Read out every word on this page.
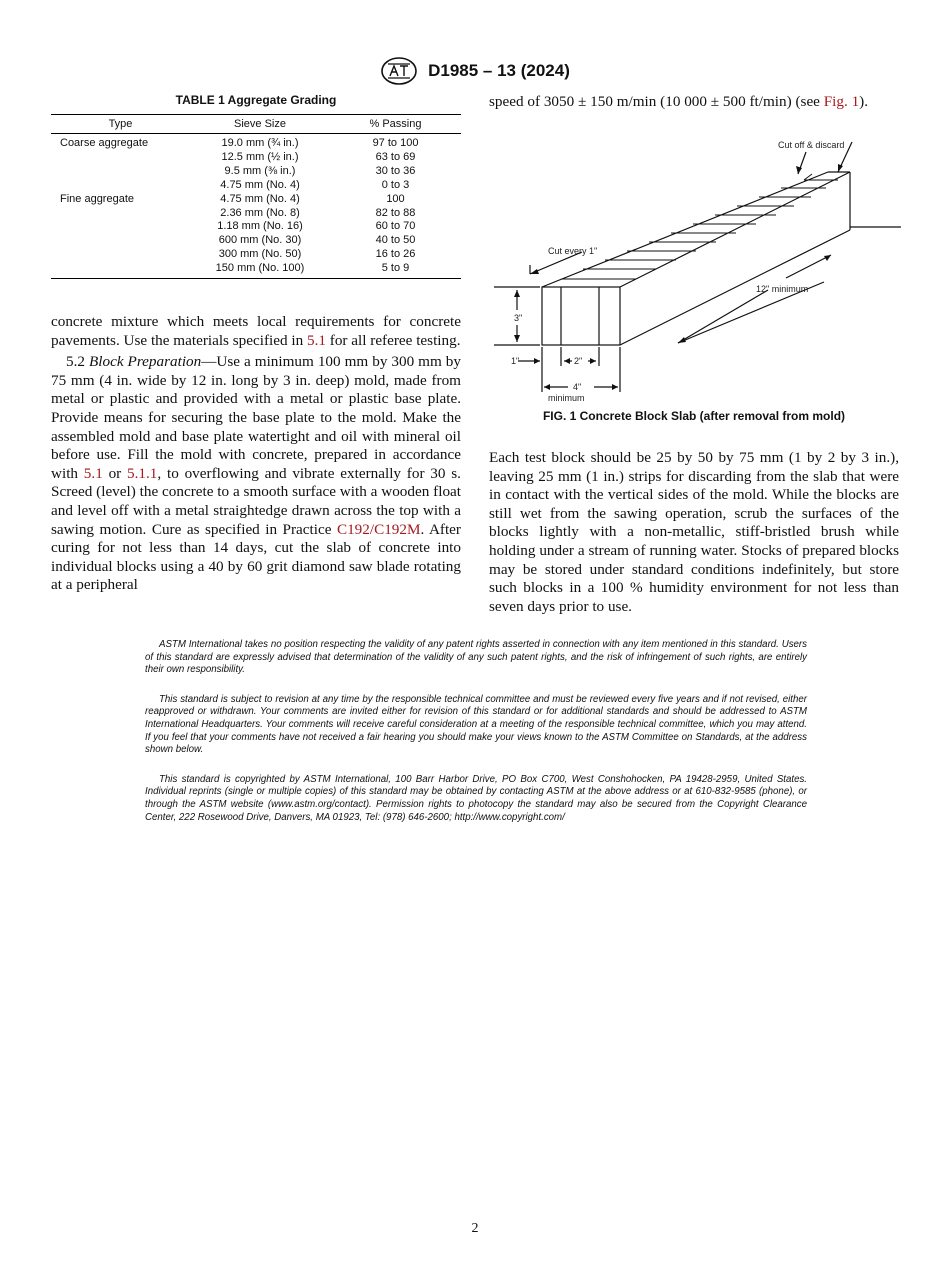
D1985 – 13 (2024)
TABLE 1 Aggregate Grading
Type	Sieve Size	% Passing
Coarse aggregate	19.0 mm (¾ in.)	97 to 100
	12.5 mm (½ in.)	63 to 69
	9.5 mm (⅜ in.)	30 to 36
	4.75 mm (No. 4)	0 to 3
Fine aggregate	4.75 mm (No. 4)	100
	2.36 mm (No. 8)	82 to 88
	1.18 mm (No. 16)	60 to 70
	600 mm (No. 30)	40 to 50
	300 mm (No. 50)	16 to 26
	150 mm (No. 100)	5 to 9

concrete mixture which meets local requirements for concrete pavements. Use the materials specified in 5.1 for all referee testing.

5.2 Block Preparation—Use a minimum 100 mm by 300 mm by 75 mm (4 in. wide by 12 in. long by 3 in. deep) mold, made from metal or plastic and provided with a metal or plastic base plate. Provide means for securing the base plate to the mold. Make the assembled mold and base plate watertight and oil with mineral oil before use. Fill the mold with concrete, prepared in accordance with 5.1 or 5.1.1, to overflowing and vibrate externally for 30 s. Screed (level) the concrete to a smooth surface with a wooden float and level off with a metal straightedge drawn across the top with a sawing motion. Cure as specified in Practice C192/C192M. After curing for not less than 14 days, cut the slab of concrete into individual blocks using a 40 by 60 grit diamond saw blade rotating at a peripheral

speed of 3050 ± 150 m/min (10 000 ± 500 ft/min) (see Fig. 1).

Cut off & discard
Cut every 1"
12" minimum
3"
1"	2"
4"
minimum
FIG. 1 Concrete Block Slab (after removal from mold)

Each test block should be 25 by 50 by 75 mm (1 by 2 by 3 in.), leaving 25 mm (1 in.) strips for discarding from the slab that were in contact with the vertical sides of the mold. While the blocks are still wet from the sawing operation, scrub the surfaces of the blocks lightly with a non-metallic, stiff-bristled brush while holding under a stream of running water. Stocks of prepared blocks may be stored under standard conditions indefinitely, but store such blocks in a 100 % humidity environment for not less than seven days prior to use.

ASTM International takes no position respecting the validity of any patent rights asserted in connection with any item mentioned in this standard. Users of this standard are expressly advised that determination of the validity of any such patent rights, and the risk of infringement of such rights, are entirely their own responsibility.

This standard is subject to revision at any time by the responsible technical committee and must be reviewed every five years and if not revised, either reapproved or withdrawn. Your comments are invited either for revision of this standard or for additional standards and should be addressed to ASTM International Headquarters. Your comments will receive careful consideration at a meeting of the responsible technical committee, which you may attend. If you feel that your comments have not received a fair hearing you should make your views known to the ASTM Committee on Standards, at the address shown below.

This standard is copyrighted by ASTM International, 100 Barr Harbor Drive, PO Box C700, West Conshohocken, PA 19428-2959, United States. Individual reprints (single or multiple copies) of this standard may be obtained by contacting ASTM at the above address or at 610-832-9585 (phone), or through the ASTM website (www.astm.org/contact). Permission rights to photocopy the standard may also be secured from the Copyright Clearance Center, 222 Rosewood Drive, Danvers, MA 01923, Tel: (978) 646-2600; http://www.copyright.com/

2
